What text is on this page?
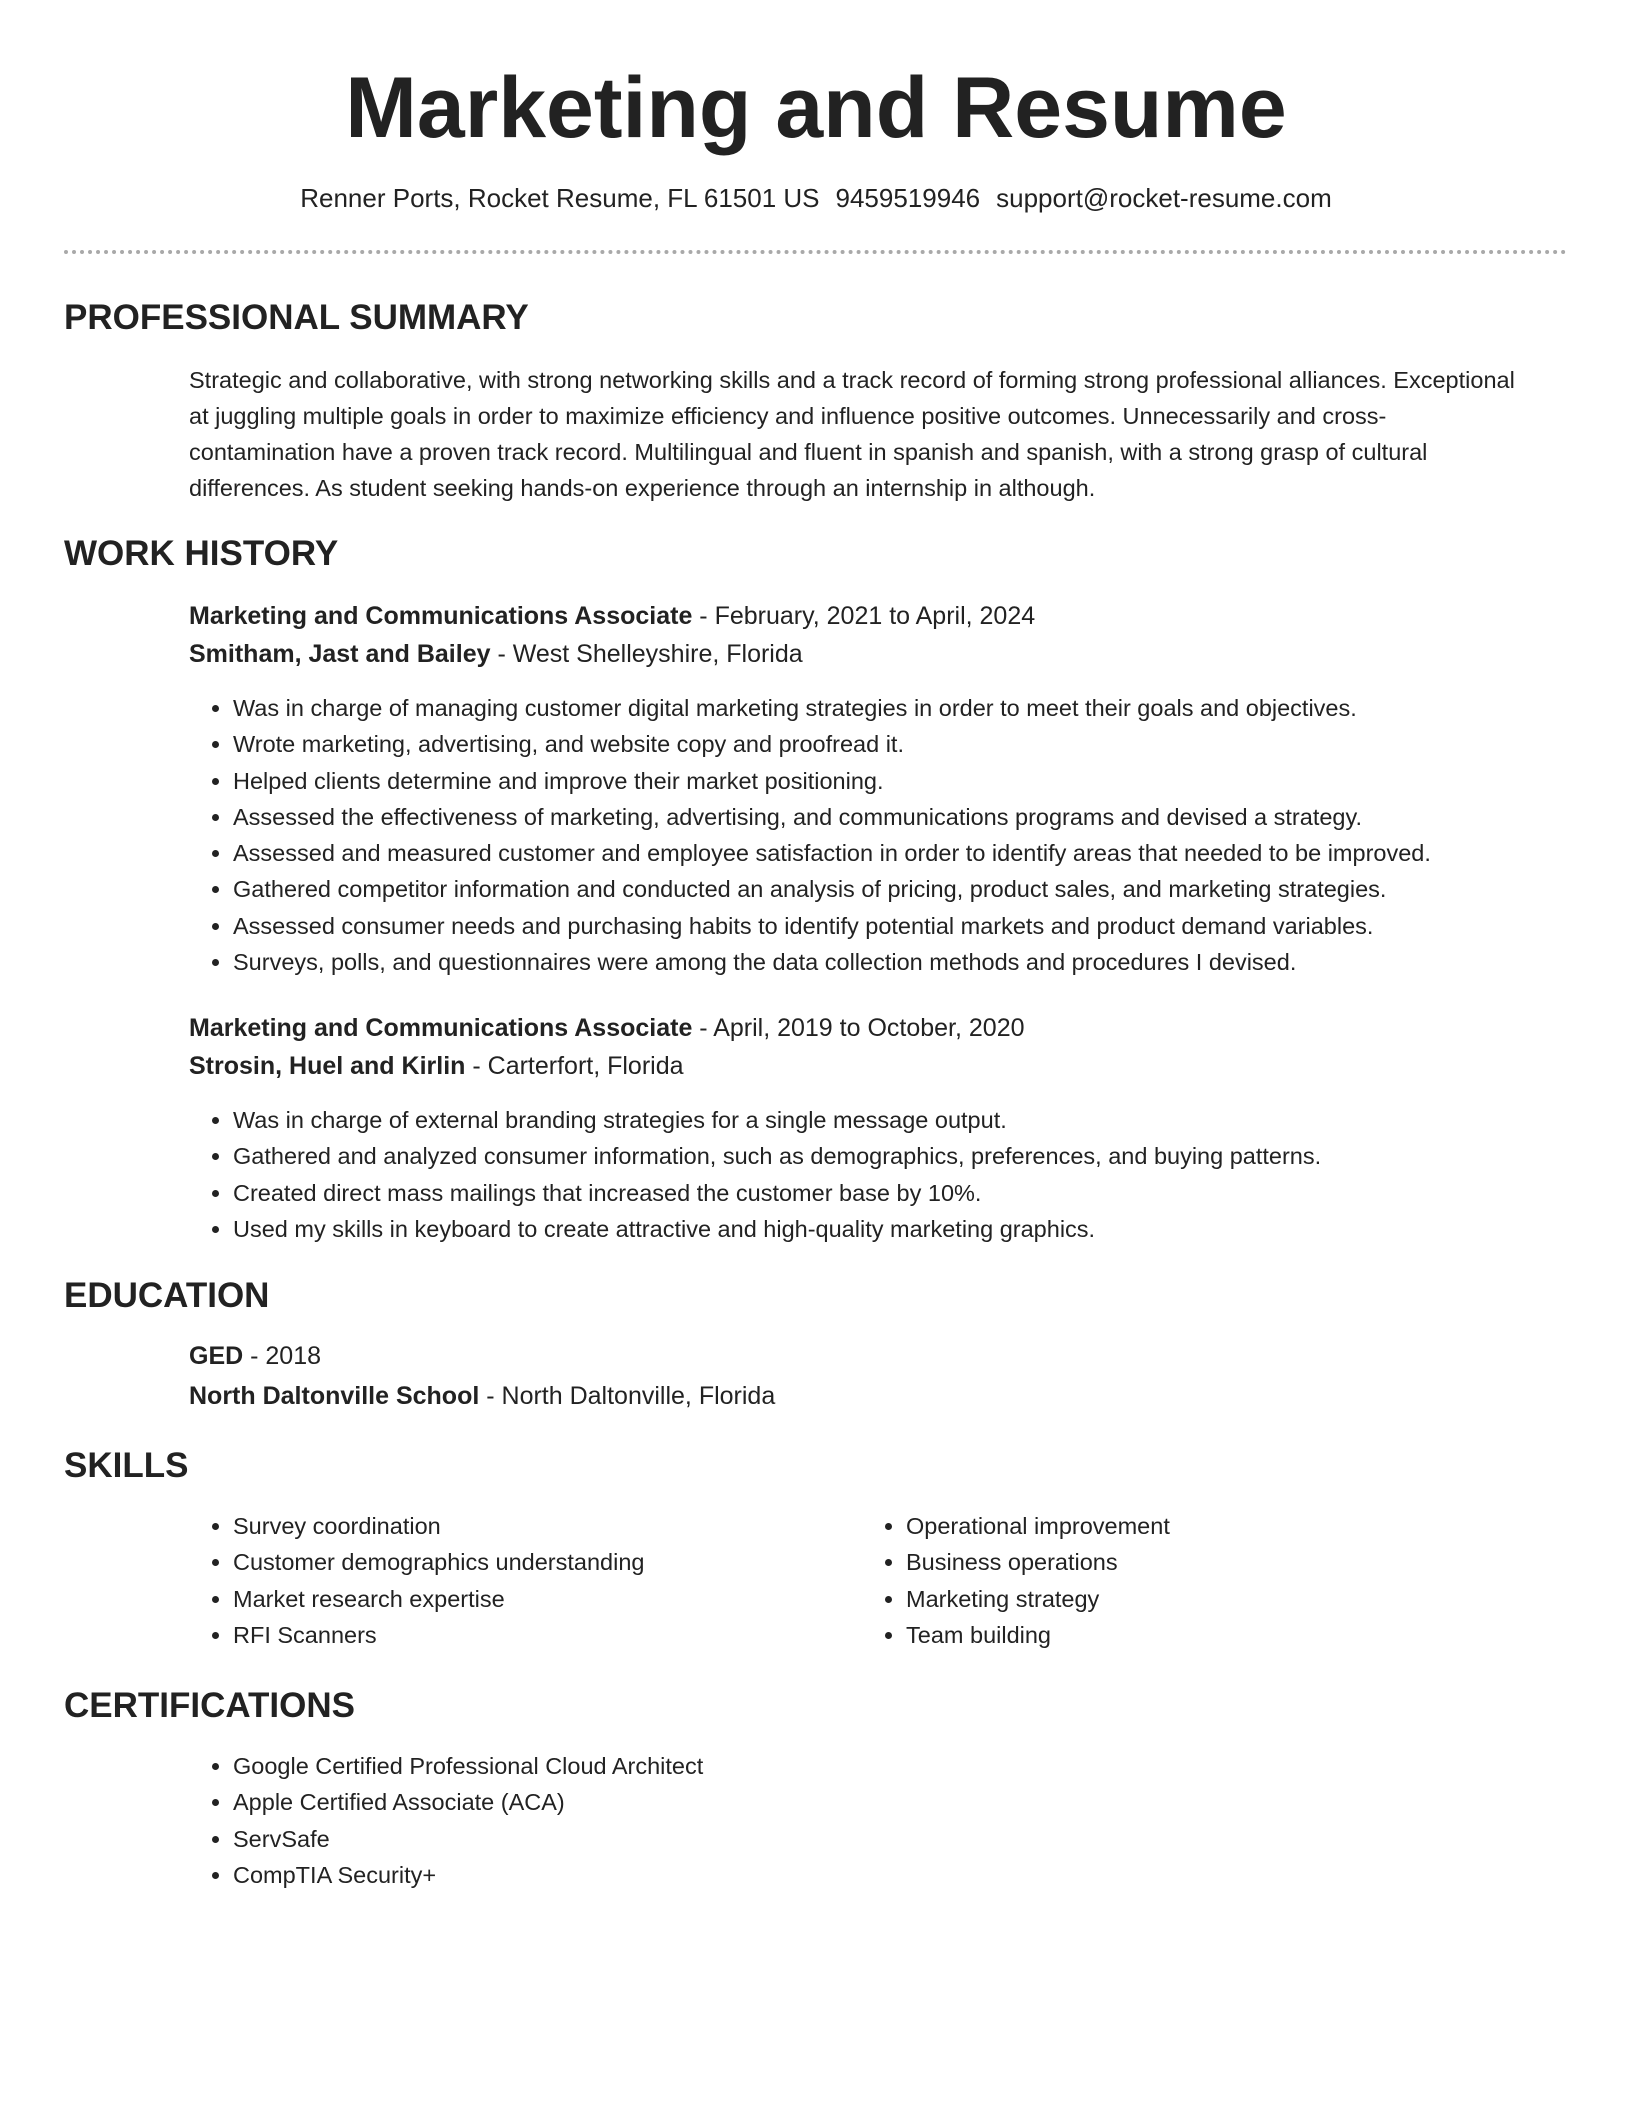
Marketing and Resume
Renner Ports, Rocket Resume, FL 61501 US 9459519946 support@rocket-resume.com
PROFESSIONAL SUMMARY
Strategic and collaborative, with strong networking skills and a track record of forming strong professional alliances. Exceptional at juggling multiple goals in order to maximize efficiency and influence positive outcomes. Unnecessarily and cross-contamination have a proven track record. Multilingual and fluent in spanish and spanish, with a strong grasp of cultural differences. As student seeking hands-on experience through an internship in although.
WORK HISTORY
Marketing and Communications Associate - February, 2021 to April, 2024
Smitham, Jast and Bailey - West Shelleyshire, Florida
• Was in charge of managing customer digital marketing strategies in order to meet their goals and objectives.
• Wrote marketing, advertising, and website copy and proofread it.
• Helped clients determine and improve their market positioning.
• Assessed the effectiveness of marketing, advertising, and communications programs and devised a strategy.
• Assessed and measured customer and employee satisfaction in order to identify areas that needed to be improved.
• Gathered competitor information and conducted an analysis of pricing, product sales, and marketing strategies.
• Assessed consumer needs and purchasing habits to identify potential markets and product demand variables.
• Surveys, polls, and questionnaires were among the data collection methods and procedures I devised.
Marketing and Communications Associate - April, 2019 to October, 2020
Strosin, Huel and Kirlin - Carterfort, Florida
• Was in charge of external branding strategies for a single message output.
• Gathered and analyzed consumer information, such as demographics, preferences, and buying patterns.
• Created direct mass mailings that increased the customer base by 10%.
• Used my skills in keyboard to create attractive and high-quality marketing graphics.
EDUCATION
GED - 2018
North Daltonville School - North Daltonville, Florida
SKILLS
• Survey coordination
• Customer demographics understanding
• Market research expertise
• RFI Scanners
• Operational improvement
• Business operations
• Marketing strategy
• Team building
CERTIFICATIONS
• Google Certified Professional Cloud Architect
• Apple Certified Associate (ACA)
• ServSafe
• CompTIA Security+
